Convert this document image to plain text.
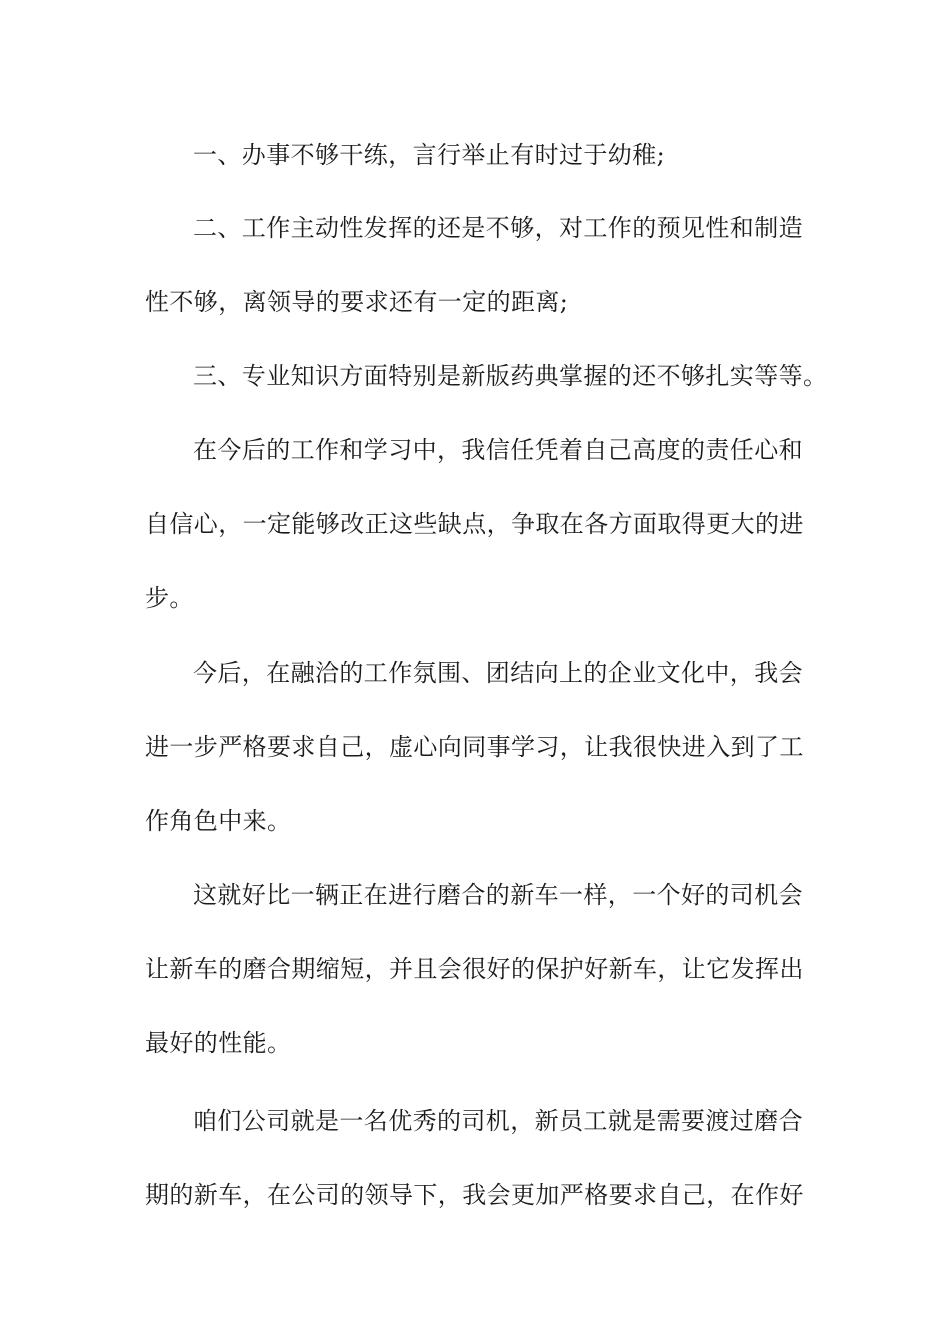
一、办事不够干练，言行举止有时过于幼稚;
二、工作主动性发挥的还是不够，对工作的预见性和制造
性不够，离领导的要求还有一定的距离;
三、专业知识方面特别是新版药典掌握的还不够扎实等等。
在今后的工作和学习中，我信任凭着自己高度的责任心和
自信心，一定能够改正这些缺点，争取在各方面取得更大的进
步。
今后，在融洽的工作氛围、团结向上的企业文化中，我会
进一步严格要求自己，虚心向同事学习，让我很快进入到了工
作角色中来。
这就好比一辆正在进行磨合的新车一样，一个好的司机会
让新车的磨合期缩短，并且会很好的保护好新车，让它发挥出
最好的性能。
咱们公司就是一名优秀的司机，新员工就是需要渡过磨合
期的新车，在公司的领导下，我会更加严格要求自己，在作好
